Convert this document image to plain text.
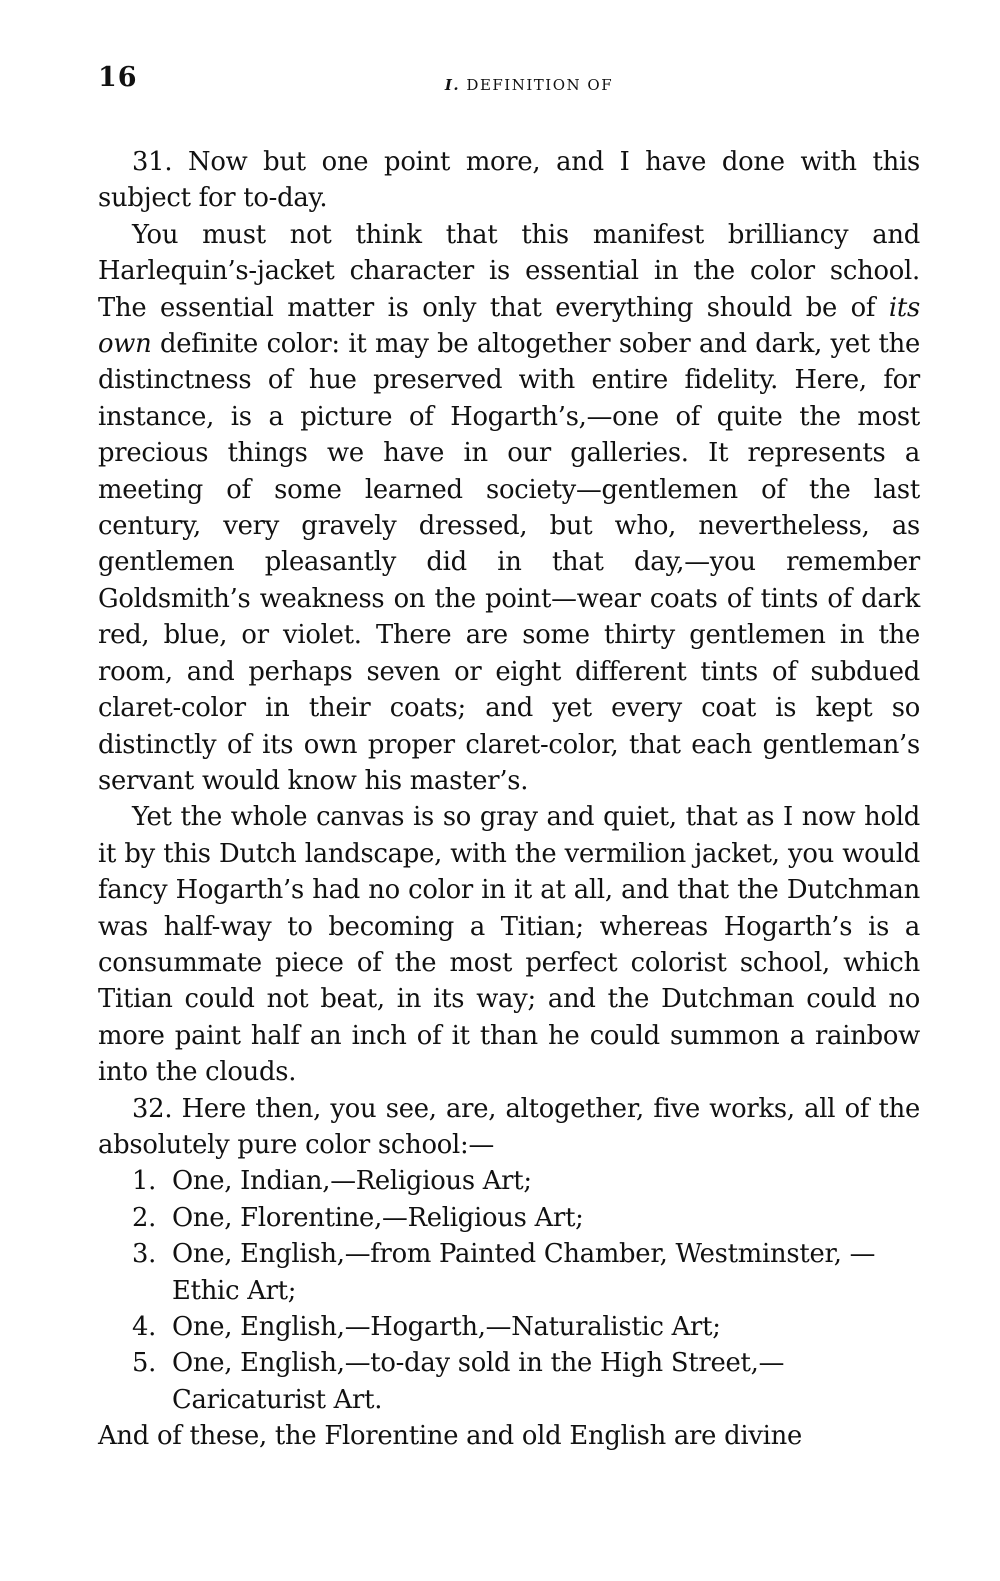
16	I. DEFINITION OF

31. Now but one point more, and I have done with this subject for to-day.

You must not think that this manifest brilliancy and Harlequin’s-jacket character is essential in the color school. The essential matter is only that everything should be of its own definite color: it may be altogether sober and dark, yet the distinctness of hue preserved with entire fidelity. Here, for instance, is a picture of Hogarth’s,—one of quite the most precious things we have in our galleries. It represents a meeting of some learned society—gentlemen of the last century, very gravely dressed, but who, nevertheless, as gentlemen pleasantly did in that day,—you remember Goldsmith’s weakness on the point—wear coats of tints of dark red, blue, or violet. There are some thirty gentlemen in the room, and perhaps seven or eight different tints of subdued claret-color in their coats; and yet every coat is kept so distinctly of its own proper claret-color, that each gentleman’s servant would know his master’s.

Yet the whole canvas is so gray and quiet, that as I now hold it by this Dutch landscape, with the vermilion jacket, you would fancy Hogarth’s had no color in it at all, and that the Dutchman was half-way to becoming a Titian; whereas Hogarth’s is a consummate piece of the most perfect colorist school, which Titian could not beat, in its way; and the Dutchman could no more paint half an inch of it than he could summon a rainbow into the clouds.

32. Here then, you see, are, altogether, five works, all of the absolutely pure color school:—

1. One, Indian,—Religious Art;
2. One, Florentine,—Religious Art;
3. One, English,—from Painted Chamber, Westminster, —Ethic Art;
4. One, English,—Hogarth,—Naturalistic Art;
5. One, English,—to-day sold in the High Street,—Caricaturist Art.

And of these, the Florentine and old English are divine
